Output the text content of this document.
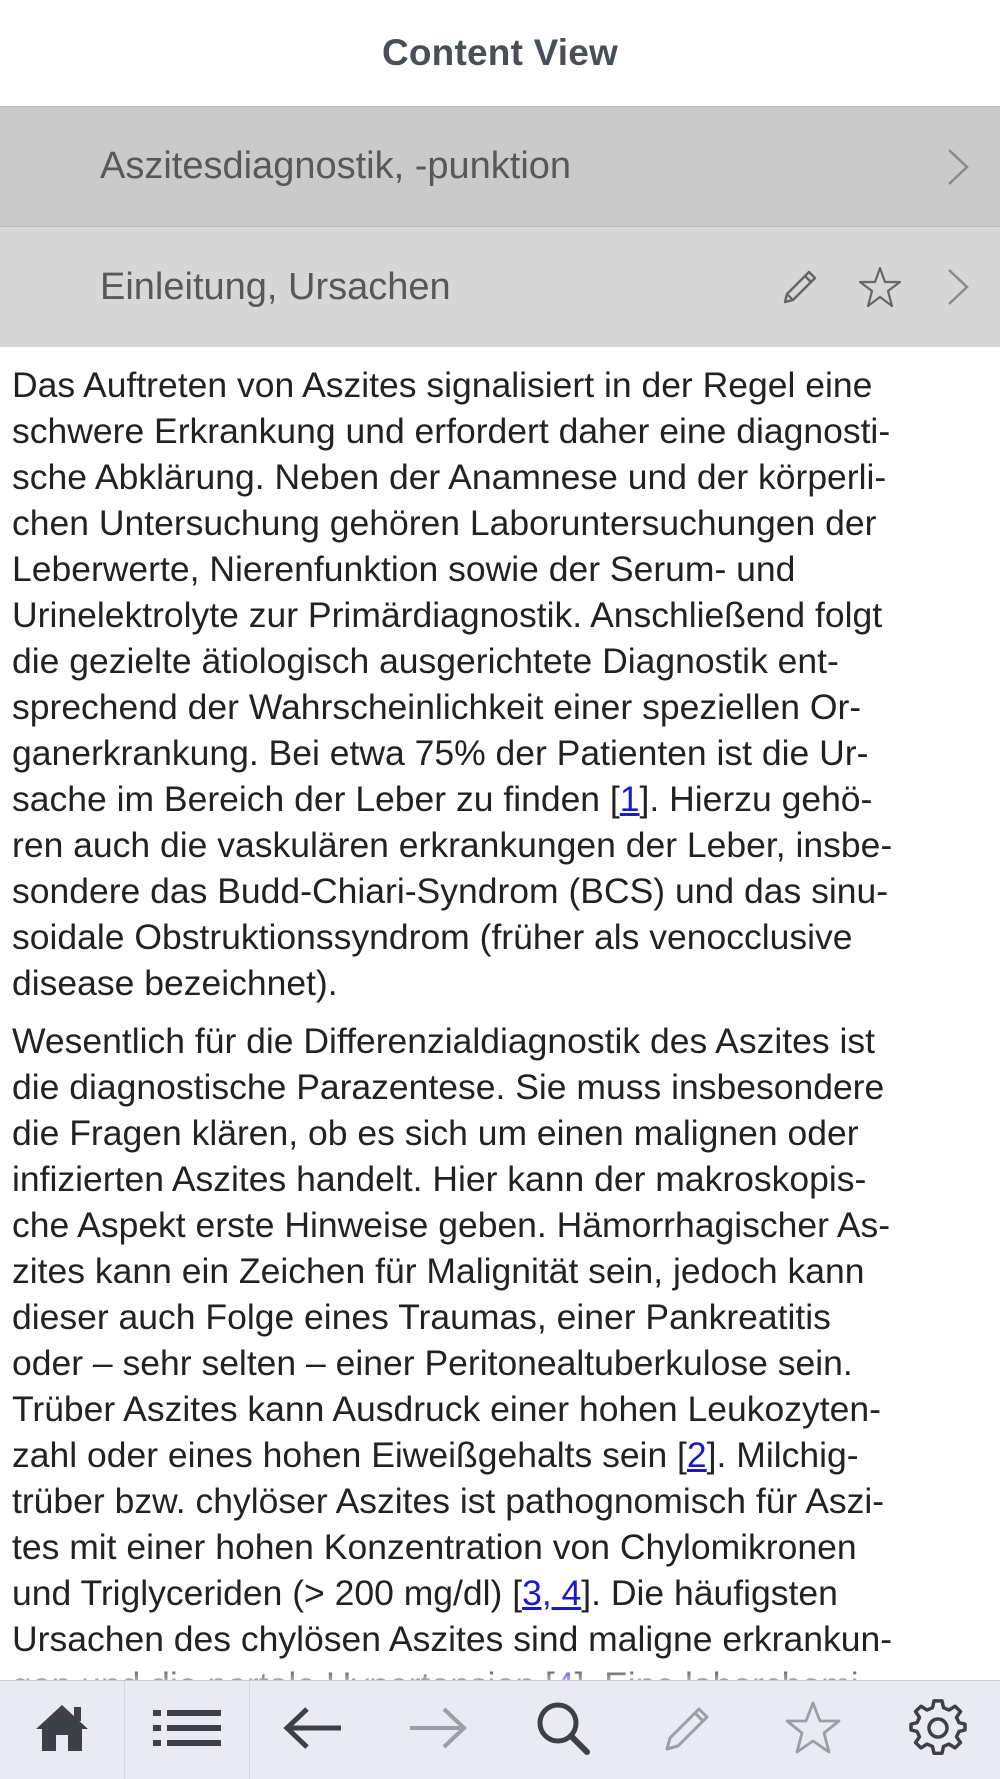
Content View
Aszitesdiagnostik, -punktion
Einleitung, Ursachen

Das Auftreten von Aszites signalisiert in der Regel eine
schwere Erkrankung und erfordert daher eine diagnosti-
sche Abklärung. Neben der Anamnese und der körperli-
chen Untersuchung gehören Laboruntersuchungen der
Leberwerte, Nierenfunktion sowie der Serum- und
Urinelektrolyte zur Primärdiagnostik. Anschließend folgt
die gezielte ätiologisch ausgerichtete Diagnostik ent-
sprechend der Wahrscheinlichkeit einer speziellen Or-
ganerkrankung. Bei etwa 75% der Patienten ist die Ur-
sache im Bereich der Leber zu finden [1]. Hierzu gehö-
ren auch die vaskulären erkrankungen der Leber, insbe-
sondere das Budd-Chiari-Syndrom (BCS) und das sinu-
soidale Obstruktionssyndrom (früher als venocclusive
disease bezeichnet).

Wesentlich für die Differenzialdiagnostik des Aszites ist
die diagnostische Parazentese. Sie muss insbesondere
die Fragen klären, ob es sich um einen malignen oder
infizierten Aszites handelt. Hier kann der makroskopis-
che Aspekt erste Hinweise geben. Hämorrhagischer As-
zites kann ein Zeichen für Malignität sein, jedoch kann
dieser auch Folge eines Traumas, einer Pankreatitis
oder – sehr selten – einer Peritonealtuberkulose sein.
Trüber Aszites kann Ausdruck einer hohen Leukozyten-
zahl oder eines hohen Eiweißgehalts sein [2]. Milchig-
trüber bzw. chylöser Aszites ist pathognomisch für Aszi-
tes mit einer hohen Konzentration von Chylomikronen
und Triglyceriden (> 200 mg/dl) [3, 4]. Die häufigsten
Ursachen des chylösen Aszites sind maligne erkrankun-
